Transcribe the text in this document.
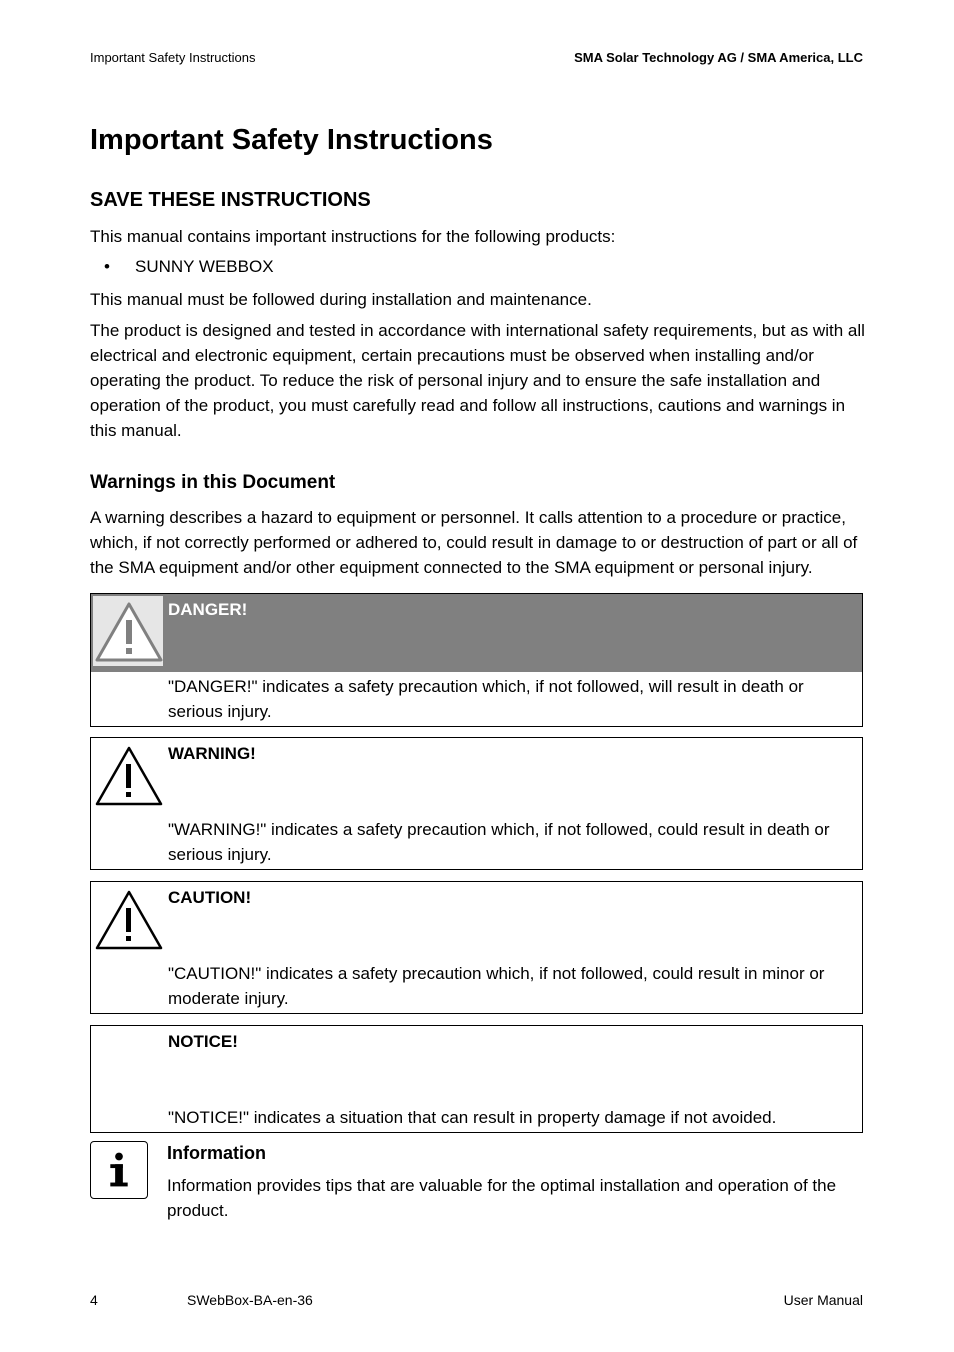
Important Safety Instructions	SMA Solar Technology AG / SMA America, LLC
Important Safety Instructions
SAVE THESE INSTRUCTIONS

This manual contains important instructions for the following products:

• SUNNY WEBBOX

This manual must be followed during installation and maintenance.

The product is designed and tested in accordance with international safety requirements, but as with all electrical and electronic equipment, certain precautions must be observed when installing and/or operating the product. To reduce the risk of personal injury and to ensure the safe installation and operation of the product, you must carefully read and follow all instructions, cautions and warnings in this manual.

Warnings in this Document

A warning describes a hazard to equipment or personnel. It calls attention to a procedure or practice, which, if not correctly performed or adhered to, could result in damage to or destruction of part or all of the SMA equipment and/or other equipment connected to the SMA equipment or personal injury.

DANGER!
"DANGER!" indicates a safety precaution which, if not followed, will result in death or serious injury.
WARNING!
"WARNING!" indicates a safety precaution which, if not followed, could result in death or serious injury.
CAUTION!
"CAUTION!" indicates a safety precaution which, if not followed, could result in minor or moderate injury.
NOTICE!
"NOTICE!" indicates a situation that can result in property damage if not avoided.
Information
Information provides tips that are valuable for the optimal installation and operation of the product.
4	SWebBox-BA-en-36	User Manual
